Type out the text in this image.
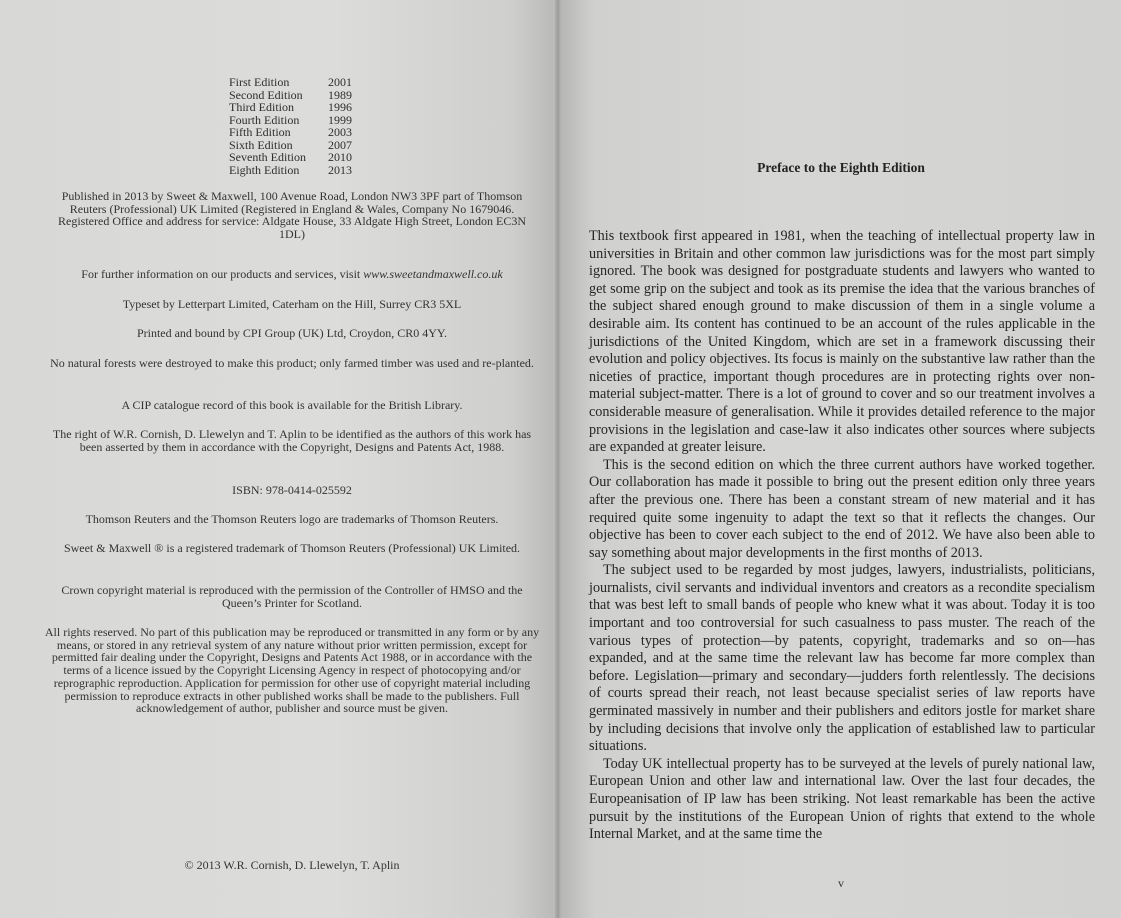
First Edition	2001
Second Edition	1989
Third Edition	1996
Fourth Edition	1999
Fifth Edition	2003
Sixth Edition	2007
Seventh Edition	2010
Eighth Edition	2013

Published in 2013 by Sweet & Maxwell, 100 Avenue Road, London NW3 3PF part of Thomson Reuters (Professional) UK Limited (Registered in England & Wales, Company No 1679046.

Registered Office and address for service: Aldgate House, 33 Aldgate High Street, London EC3N 1DL)

For further information on our products and services, visit www.sweetandmaxwell.co.uk

Typeset by Letterpart Limited, Caterham on the Hill, Surrey CR3 5XL

Printed and bound by CPI Group (UK) Ltd, Croydon, CR0 4YY.

No natural forests were destroyed to make this product; only farmed timber was used and re-planted.

A CIP catalogue record of this book is available for the British Library.

The right of W.R. Cornish, D. Llewelyn and T. Aplin to be identified as the authors of this work has been asserted by them in accordance with the Copyright, Designs and Patents Act, 1988.

ISBN: 978-0414-025592

Thomson Reuters and the Thomson Reuters logo are trademarks of Thomson Reuters.

Sweet & Maxwell ® is a registered trademark of Thomson Reuters (Professional) UK Limited.

Crown copyright material is reproduced with the permission of the Controller of HMSO and the Queen’s Printer for Scotland.

All rights reserved. No part of this publication may be reproduced or transmitted in any form or by any means, or stored in any retrieval system of any nature without prior written permission, except for permitted fair dealing under the Copyright, Designs and Patents Act 1988, or in accordance with the terms of a licence issued by the Copyright Licensing Agency in respect of photocopying and/or reprographic reproduction. Application for permission for other use of copyright material including permission to reproduce extracts in other published works shall be made to the publishers. Full acknowledgement of author, publisher and source must be given.

© 2013 W.R. Cornish, D. Llewelyn, T. Aplin
Preface to the Eighth Edition

This textbook first appeared in 1981, when the teaching of intellectual property law in universities in Britain and other common law jurisdictions was for the most part simply ignored. The book was designed for postgraduate students and lawyers who wanted to get some grip on the subject and took as its premise the idea that the various branches of the subject shared enough ground to make discussion of them in a single volume a desirable aim. Its content has continued to be an account of the rules applicable in the jurisdictions of the United Kingdom, which are set in a framework discussing their evolution and policy objectives. Its focus is mainly on the substantive law rather than the niceties of practice, important though procedures are in protecting rights over non-material subject-matter. There is a lot of ground to cover and so our treatment involves a considerable measure of generalisation. While it provides detailed reference to the major provisions in the legislation and case-law it also indicates other sources where subjects are expanded at greater leisure.

This is the second edition on which the three current authors have worked together. Our collaboration has made it possible to bring out the present edition only three years after the previous one. There has been a constant stream of new material and it has required quite some ingenuity to adapt the text so that it reflects the changes. Our objective has been to cover each subject to the end of 2012. We have also been able to say something about major developments in the first months of 2013.

The subject used to be regarded by most judges, lawyers, industrialists, politicians, journalists, civil servants and individual inventors and creators as a recondite specialism that was best left to small bands of people who knew what it was about. Today it is too important and too controversial for such casualness to pass muster. The reach of the various types of protection—by patents, copyright, trademarks and so on—has expanded, and at the same time the relevant law has become far more complex than before. Legislation—primary and secondary—judders forth relentlessly. The decisions of courts spread their reach, not least because specialist series of law reports have germinated massively in number and their publishers and editors jostle for market share by including decisions that involve only the application of established law to particular situations.

Today UK intellectual property has to be surveyed at the levels of purely national law, European Union and other law and international law. Over the last four decades, the Europeanisation of IP law has been striking. Not least remarkable has been the active pursuit by the institutions of the European Union of rights that extend to the whole Internal Market, and at the same time the

v
